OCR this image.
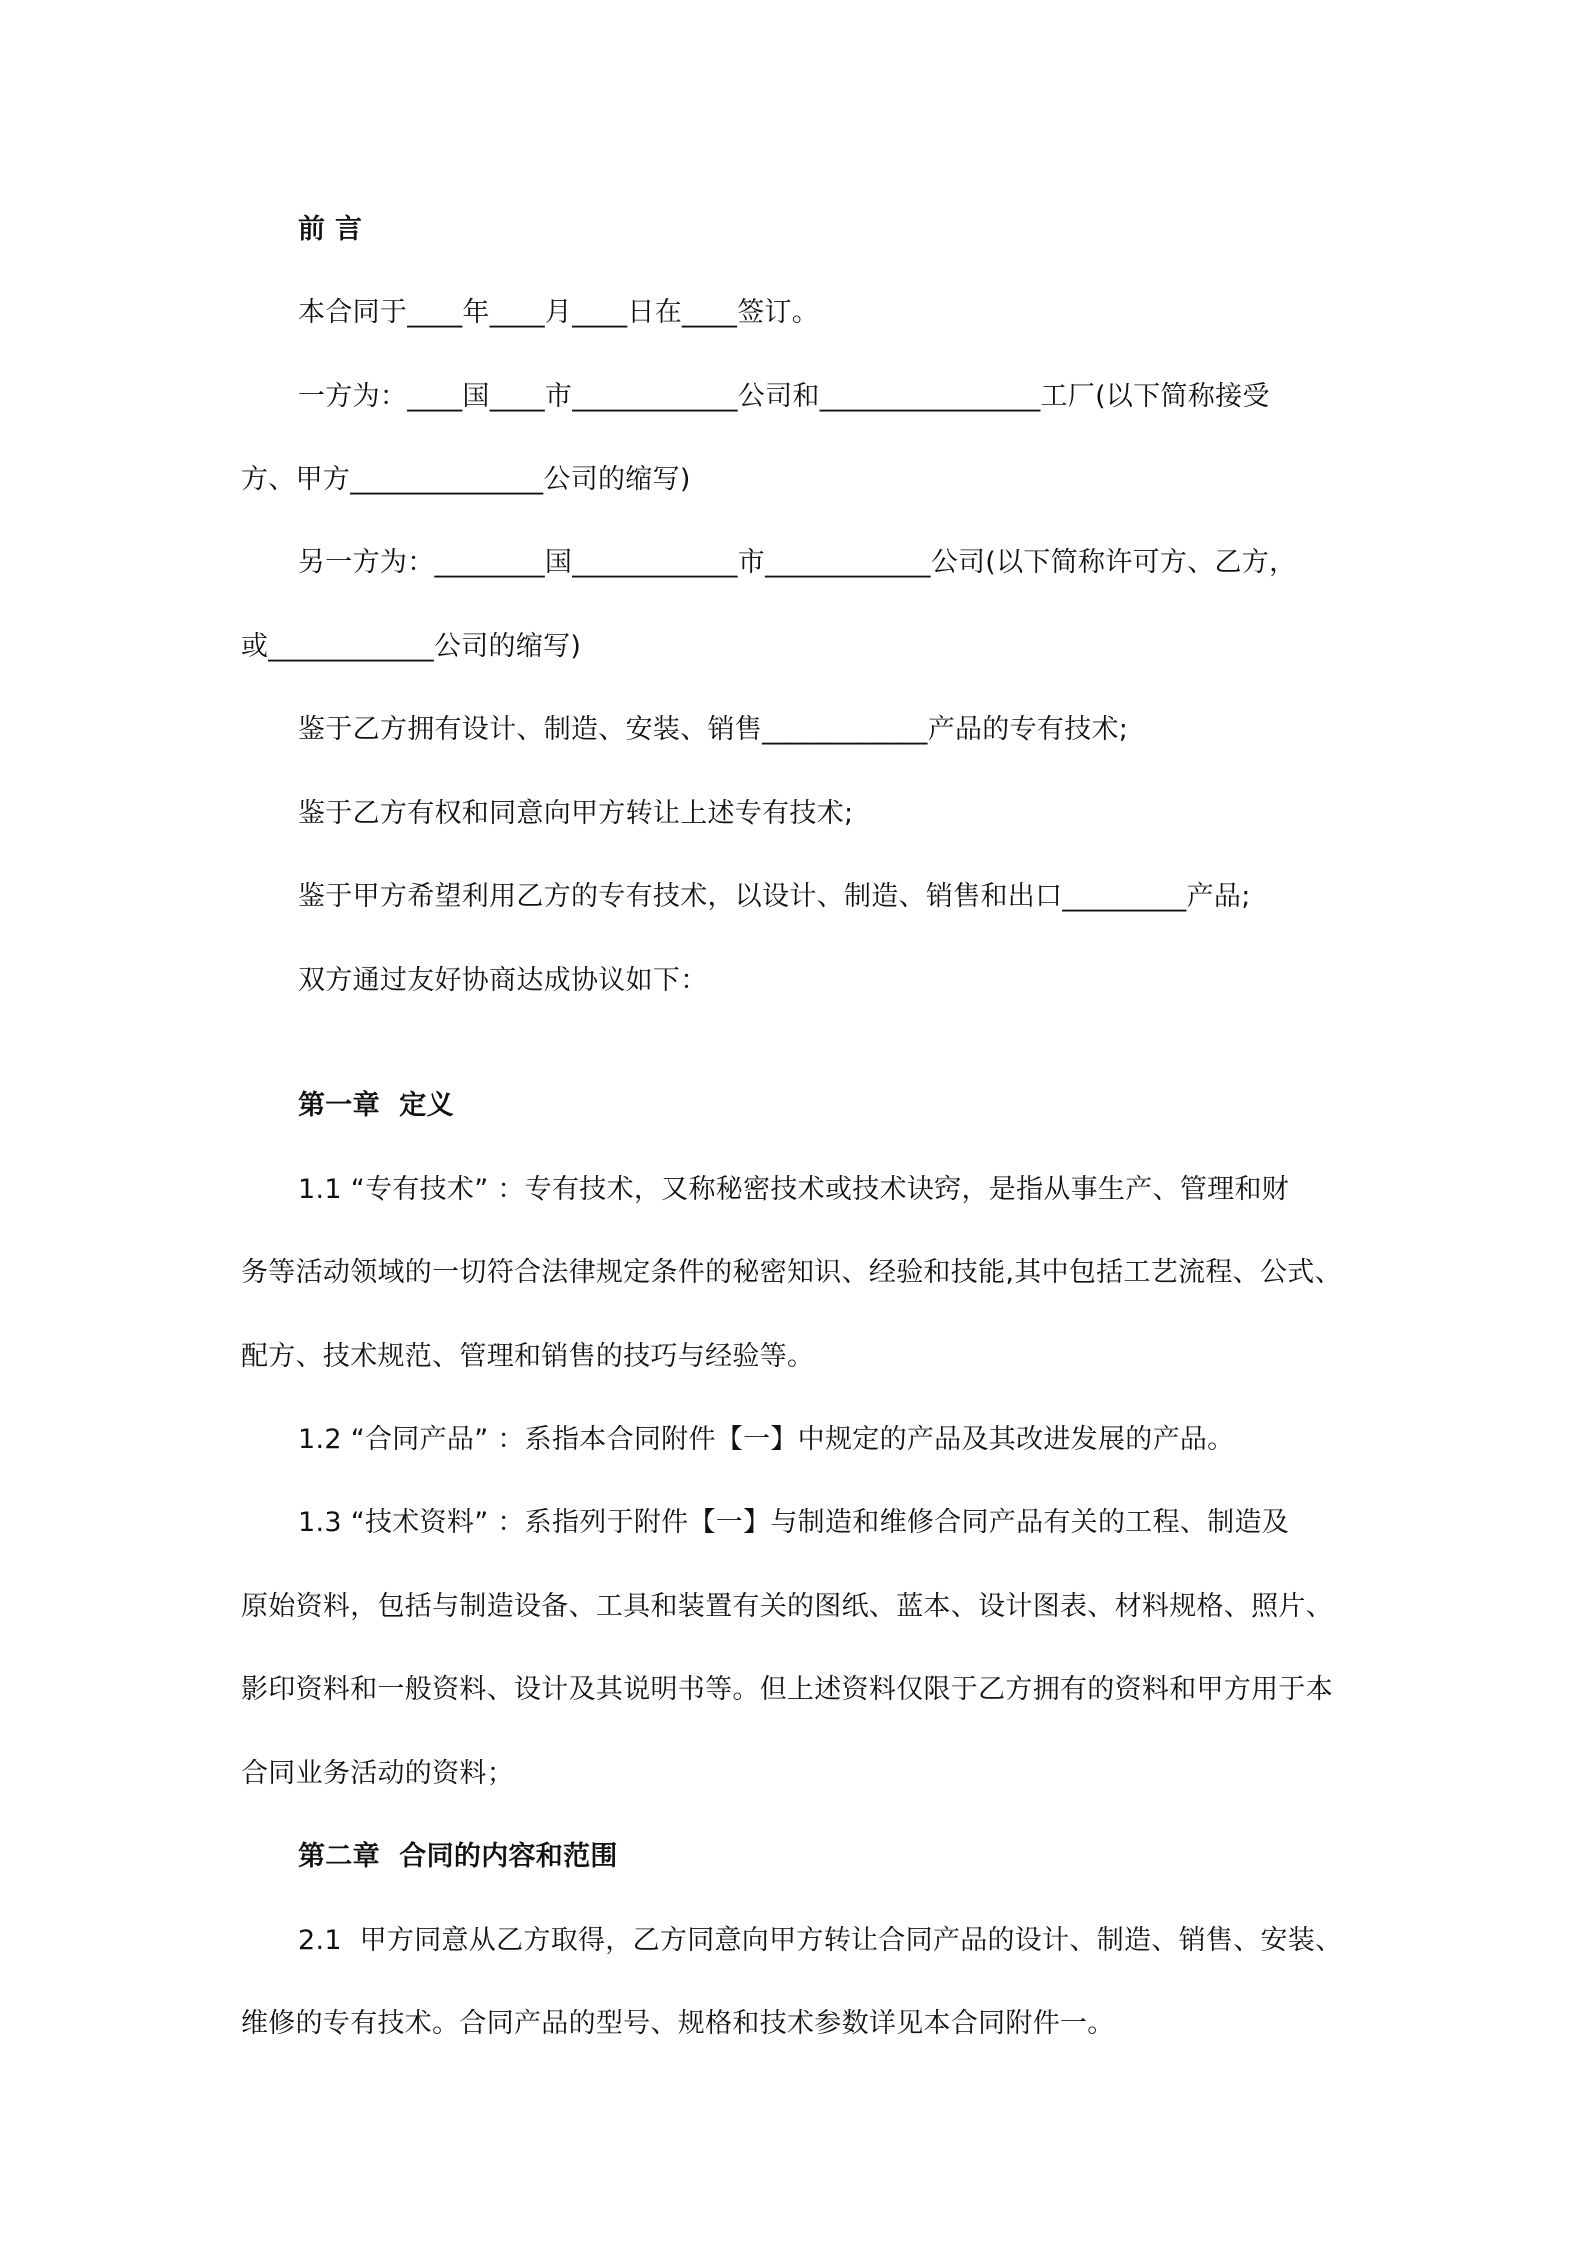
前 言
本合同于____年____月____日在____签订。
一方为：____国____市____________公司和________________工厂(以下简称接受
方、甲方______________公司的缩写)
另一方为：________国____________市____________公司(以下简称许可方、乙方，
或____________公司的缩写)
鉴于乙方拥有设计、制造、安装、销售____________产品的专有技术;
鉴于乙方有权和同意向甲方转让上述专有技术;
鉴于甲方希望利用乙方的专有技术，以设计、制造、销售和出口_________产品;
双方通过友好协商达成协议如下：
第一章  定义
1.1 “专有技术” ：专有技术，又称秘密技术或技术诀窍，是指从事生产、管理和财
务等活动领域的一切符合法律规定条件的秘密知识、经验和技能,其中包括工艺流程、公式、
配方、技术规范、管理和销售的技巧与经验等。
1.2 “合同产品” ：系指本合同附件【一】中规定的产品及其改进发展的产品。
1.3 “技术资料” ：系指列于附件【一】与制造和维修合同产品有关的工程、制造及
原始资料，包括与制造设备、工具和装置有关的图纸、蓝本、设计图表、材料规格、照片、
影印资料和一般资料、设计及其说明书等。但上述资料仅限于乙方拥有的资料和甲方用于本
合同业务活动的资料；
第二章  合同的内容和范围
2.1  甲方同意从乙方取得，乙方同意向甲方转让合同产品的设计、制造、销售、安装、
维修的专有技术。合同产品的型号、规格和技术参数详见本合同附件一。
